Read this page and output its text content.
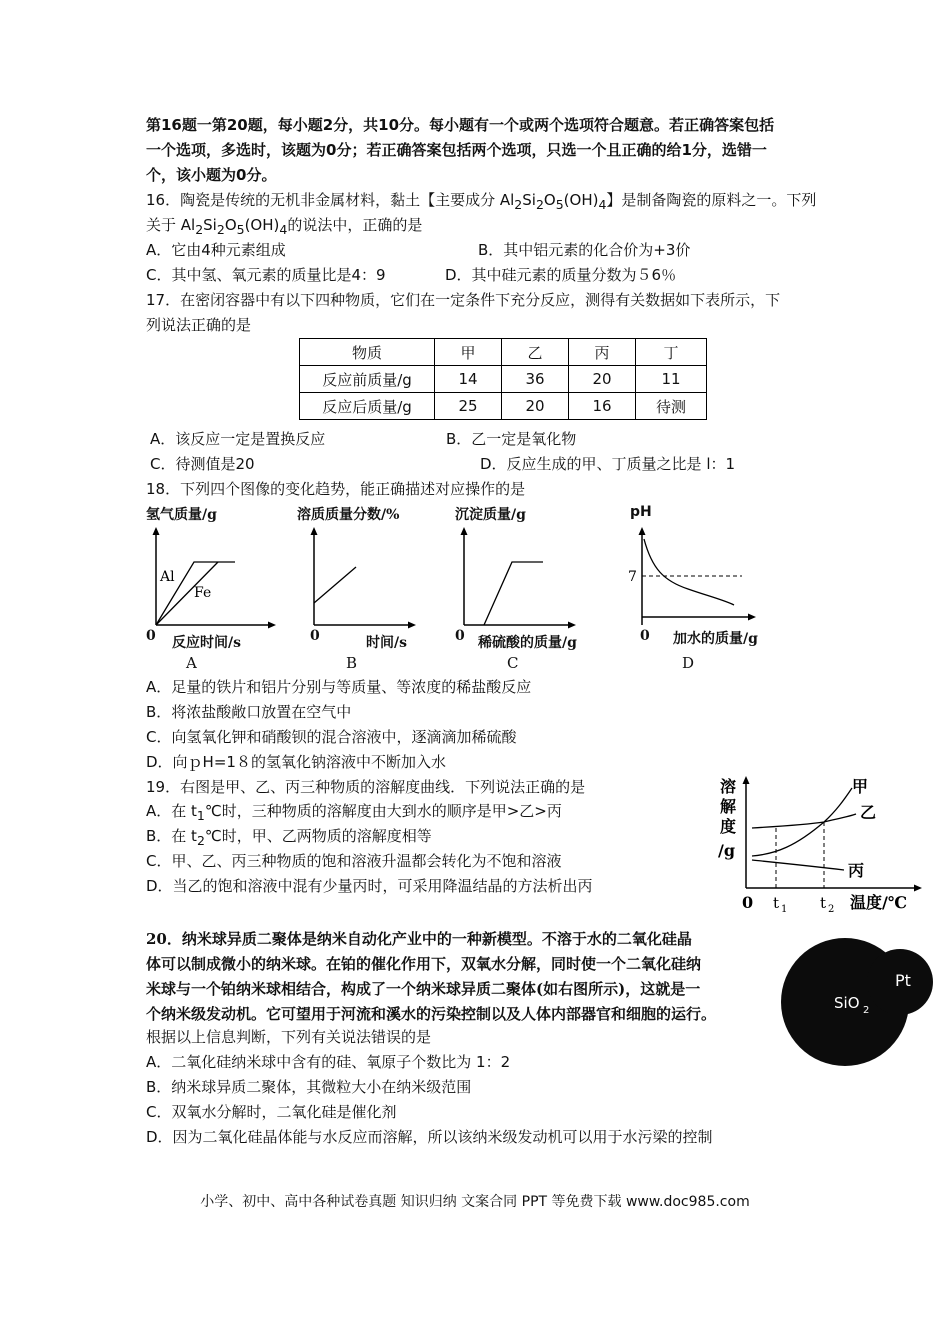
第16题一第20题，每小题2分，共10分。每小题有一个或两个选项符合题意。若正确答案包括
一个选项，多选时，该题为0分；若正确答案包括两个选项，只选一个且正确的给1分，选错一
个，该小题为0分。
16．陶瓷是传统的无机非金属材料，黏土【主要成分 $Al_2Si_2O_5(OH)_4$】是制备陶瓷的原料之一。下列
关于 $Al_2Si_2O_5(OH)_4$的说法中，正确的是
A．它由4种元素组成	B．其中铝元素的化合价为+3价
C．其中氢、氧元素的质量比是4：9	D．其中硅元素的质量分数为５6％
17．在密闭容器中有以下四种物质，它们在一定条件下充分反应，测得有关数据如下表所示，下
列说法正确的是
物质	甲	乙	丙	丁
反应前质量/g	14	36	20	11
反应后质量/g	25	20	16	待测
A．该反应一定是置换反应	B．乙一定是氧化物
C．待测值是20	D．反应生成的甲、丁质量之比是 l：1
18．下列四个图像的变化趋势，能正确描述对应操作的是
氢气质量/g
Al
Fe
0 反应时间/s
A
溶质质量分数/%
0	时间/s
B
沉淀质量/g
0 稀硫酸的质量/g
C
pH
7
0 加水的质量/g
D
A．足量的铁片和铝片分别与等质量、等浓度的稀盐酸反应
B．将浓盐酸敞口放置在空气中
C．向氢氧化钾和硝酸钡的混合溶液中，逐滴滴加稀硫酸
D．向ｐH=1８的氢氧化钠溶液中不断加入水
19．右图是甲、乙、丙三种物质的溶解度曲线．下列说法正确的是
A．在 $t_1℃$时，三种物质的溶解度由大到水的顺序是甲>乙>丙
B．在 $t_2℃$时，甲、乙两物质的溶解度相等
C．甲、乙、丙三种物质的饱和溶液升温都会转化为不饱和溶液
D．当乙的饱和溶液中混有少量丙时，可采用降温结晶的方法析出丙
溶
解
度
/g
甲
乙
丙
0 t 1 t 2 温度/℃
20．纳米球异质二聚体是纳米自动化产业中的一种新模型。不溶于水的二氧化硅晶
体可以制成微小的纳米球。在铂的催化作用下，双氧水分解，同时使一个二氧化硅纳
米球与一个铂纳米球相结合，构成了一个纳米球异质二聚体(如右图所示)，这就是一
个纳米级发动机。它可望用于河流和溪水的污染控制以及人体内部器官和细胞的运行。
根据以上信息判断，下列有关说法错误的是
A．二氧化硅纳米球中含有的硅、氧原子个数比为 1：2
B．纳米球异质二聚体，其微粒大小在纳米级范围
C．双氧水分解时，二氧化硅是催化剂
D．因为二氧化硅晶体能与水反应而溶解，所以该纳米级发动机可以用于水污梁的控制
SiO 2
Pt
小学、初中、高中各种试卷真题 知识归纳 文案合同 PPT 等免费下载 www.doc985.com
